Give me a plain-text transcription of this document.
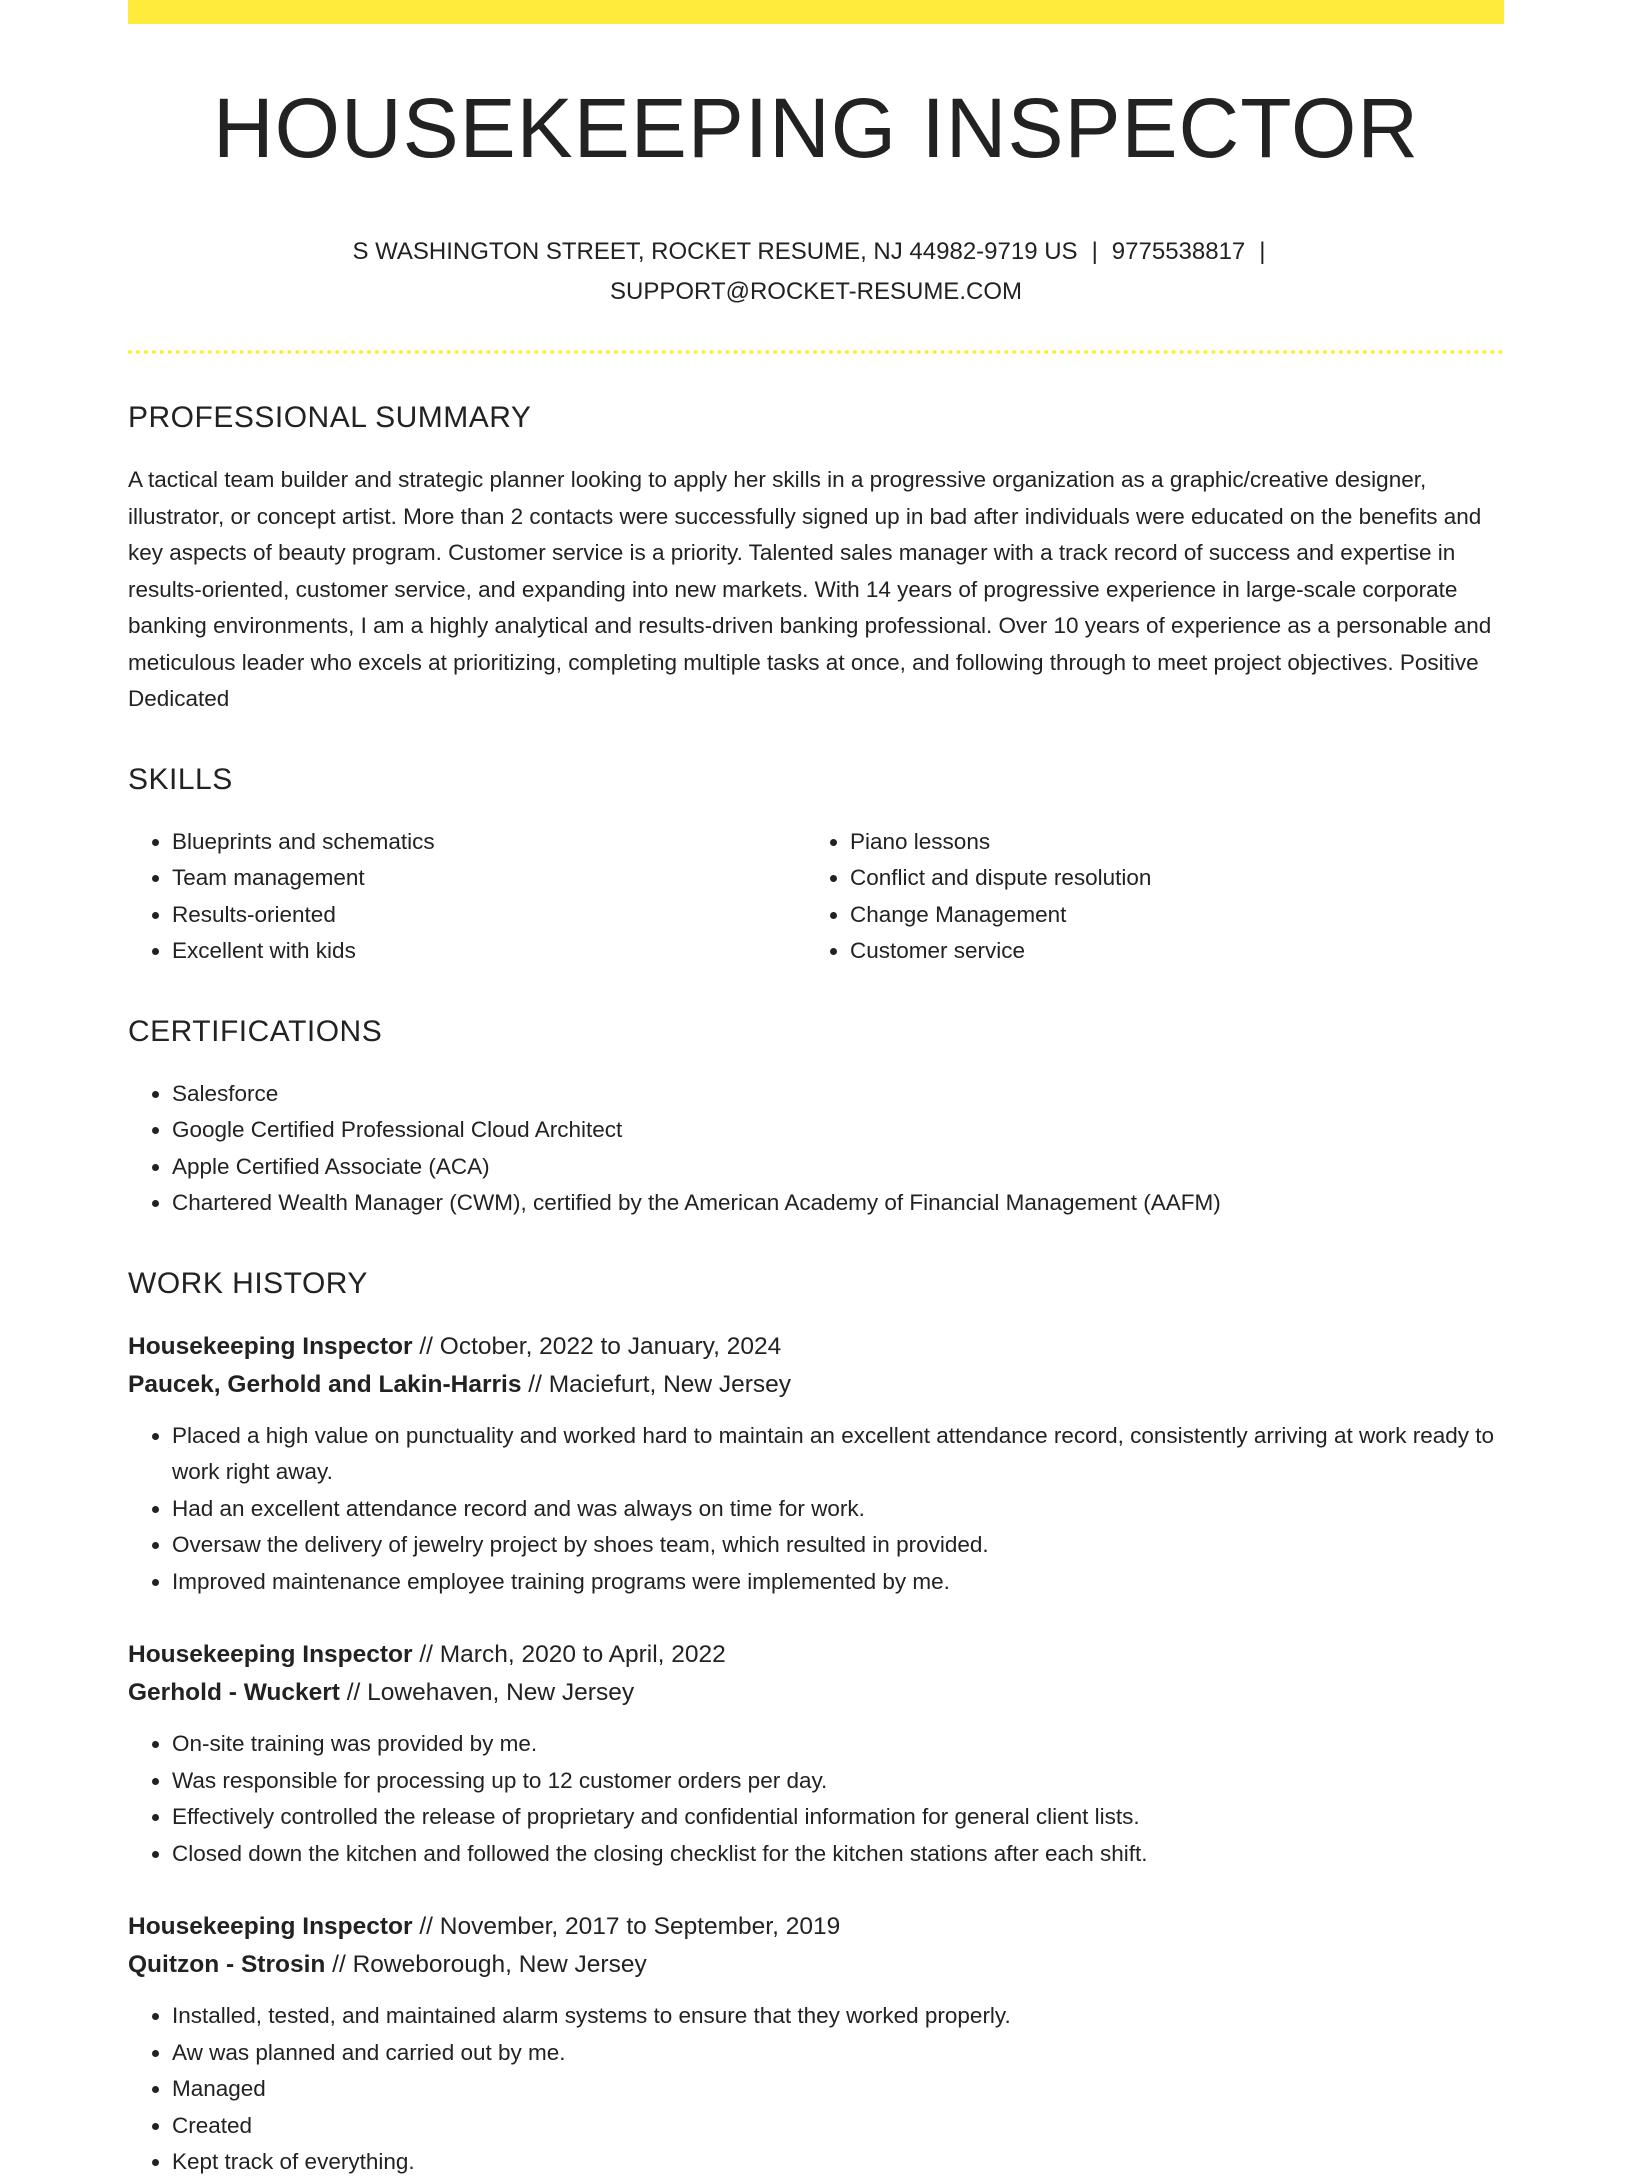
HOUSEKEEPING INSPECTOR
S WASHINGTON STREET, ROCKET RESUME, NJ 44982-9719 US | 9775538817 |
SUPPORT@ROCKET-RESUME.COM
PROFESSIONAL SUMMARY

A tactical team builder and strategic planner looking to apply her skills in a progressive organization as a graphic/creative designer, illustrator, or concept artist. More than 2 contacts were successfully signed up in bad after individuals were educated on the benefits and key aspects of beauty program. Customer service is a priority. Talented sales manager with a track record of success and expertise in results-oriented, customer service, and expanding into new markets. With 14 years of progressive experience in large-scale corporate banking environments, I am a highly analytical and results-driven banking professional. Over 10 years of experience as a personable and meticulous leader who excels at prioritizing, completing multiple tasks at once, and following through to meet project objectives. Positive Dedicated

SKILLS
• Blueprints and schematics
• Team management
• Results-oriented
• Excellent with kids
• Piano lessons
• Conflict and dispute resolution
• Change Management
• Customer service
CERTIFICATIONS
• Salesforce
• Google Certified Professional Cloud Architect
• Apple Certified Associate (ACA)
• Chartered Wealth Manager (CWM), certified by the American Academy of Financial Management (AAFM)
WORK HISTORY
Housekeeping Inspector // October, 2022 to January, 2024
Paucek, Gerhold and Lakin-Harris // Maciefurt, New Jersey
• Placed a high value on punctuality and worked hard to maintain an excellent attendance record, consistently arriving at work ready to work right away.
• Had an excellent attendance record and was always on time for work.
• Oversaw the delivery of jewelry project by shoes team, which resulted in provided.
• Improved maintenance employee training programs were implemented by me.
Housekeeping Inspector // March, 2020 to April, 2022
Gerhold - Wuckert // Lowehaven, New Jersey
• On-site training was provided by me.
• Was responsible for processing up to 12 customer orders per day.
• Effectively controlled the release of proprietary and confidential information for general client lists.
• Closed down the kitchen and followed the closing checklist for the kitchen stations after each shift.
Housekeeping Inspector // November, 2017 to September, 2019
Quitzon - Strosin // Roweborough, New Jersey
• Installed, tested, and maintained alarm systems to ensure that they worked properly.
• Aw was planned and carried out by me.
• Managed
• Created
• Kept track of everything.
